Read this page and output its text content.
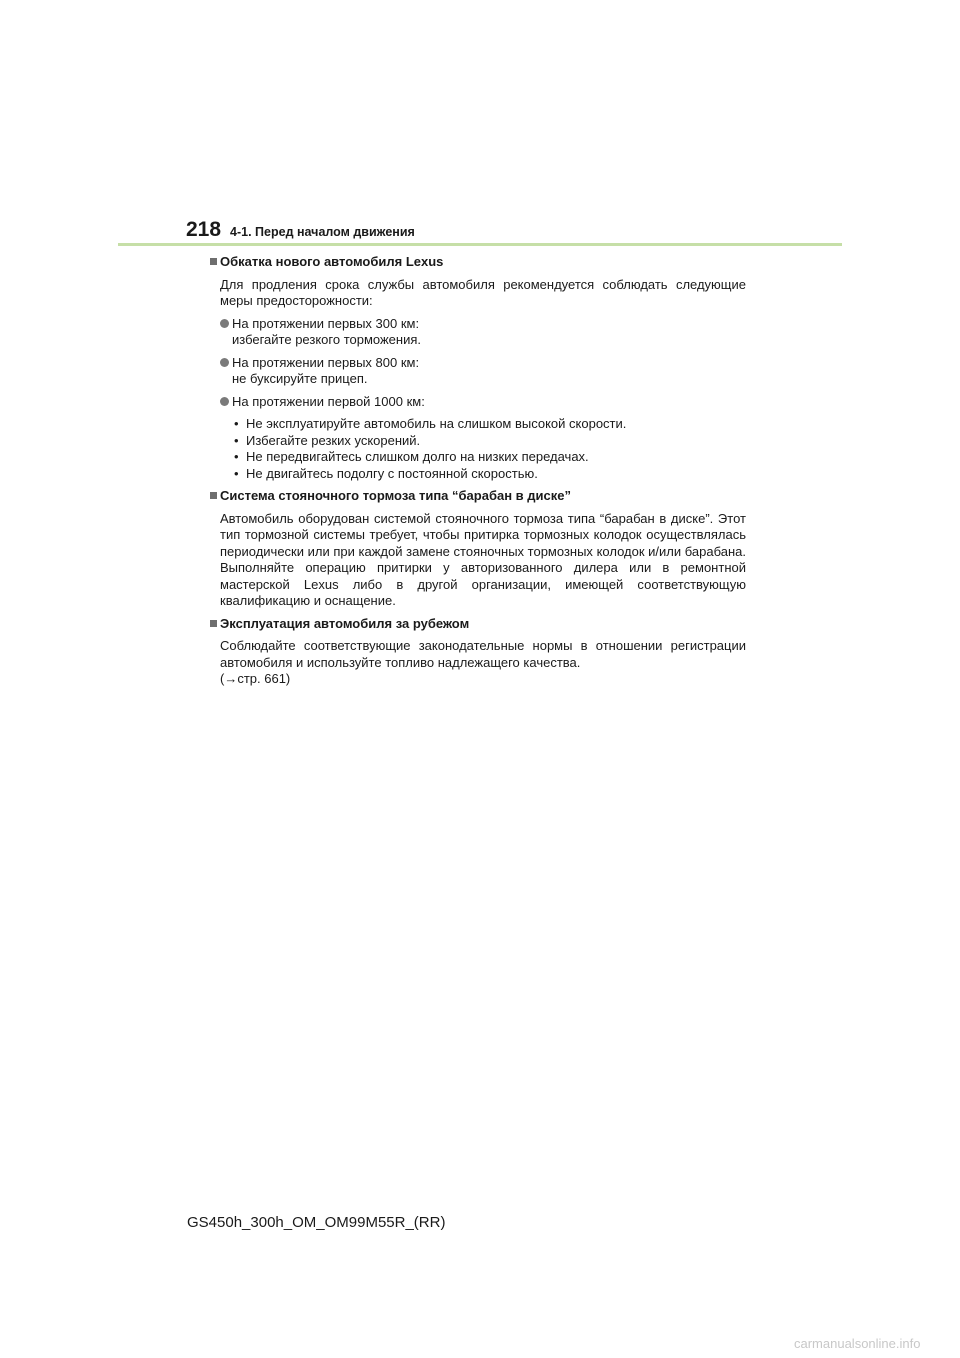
218 4-1. Перед началом движения
Обкатка нового автомобиля Lexus

Для продления срока службы автомобиля рекомендуется соблюдать следующие меры предосторожности:

На протяжении первых 300 км:
избегайте резкого торможения.
На протяжении первых 800 км:
не буксируйте прицеп.
На протяжении первой 1000 км:
• Не эксплуатируйте автомобиль на слишком высокой скорости.
• Избегайте резких ускорений.
• Не передвигайтесь слишком долго на низких передачах.
• Не двигайтесь подолгу с постоянной скоростью.
Система стояночного тормоза типа “барабан в диске”

Автомобиль оборудован системой стояночного тормоза типа “барабан в диске”. Этот тип тормозной системы требует, чтобы притирка тормозных колодок осуществлялась периодически или при каждой замене стояночных тормозных колодок и/или барабана. Выполняйте операцию притирки у авторизованного дилера или в ремонтной мастерской Lexus либо в другой организации, имеющей соответствующую квалификацию и оснащение.

Эксплуатация автомобиля за рубежом

Соблюдайте соответствующие законодательные нормы в отношении регистрации автомобиля и используйте топливо надлежащего качества.

(→стр. 661)

GS450h_300h_OM_OM99M55R_(RR)
carmanualsonline.info
